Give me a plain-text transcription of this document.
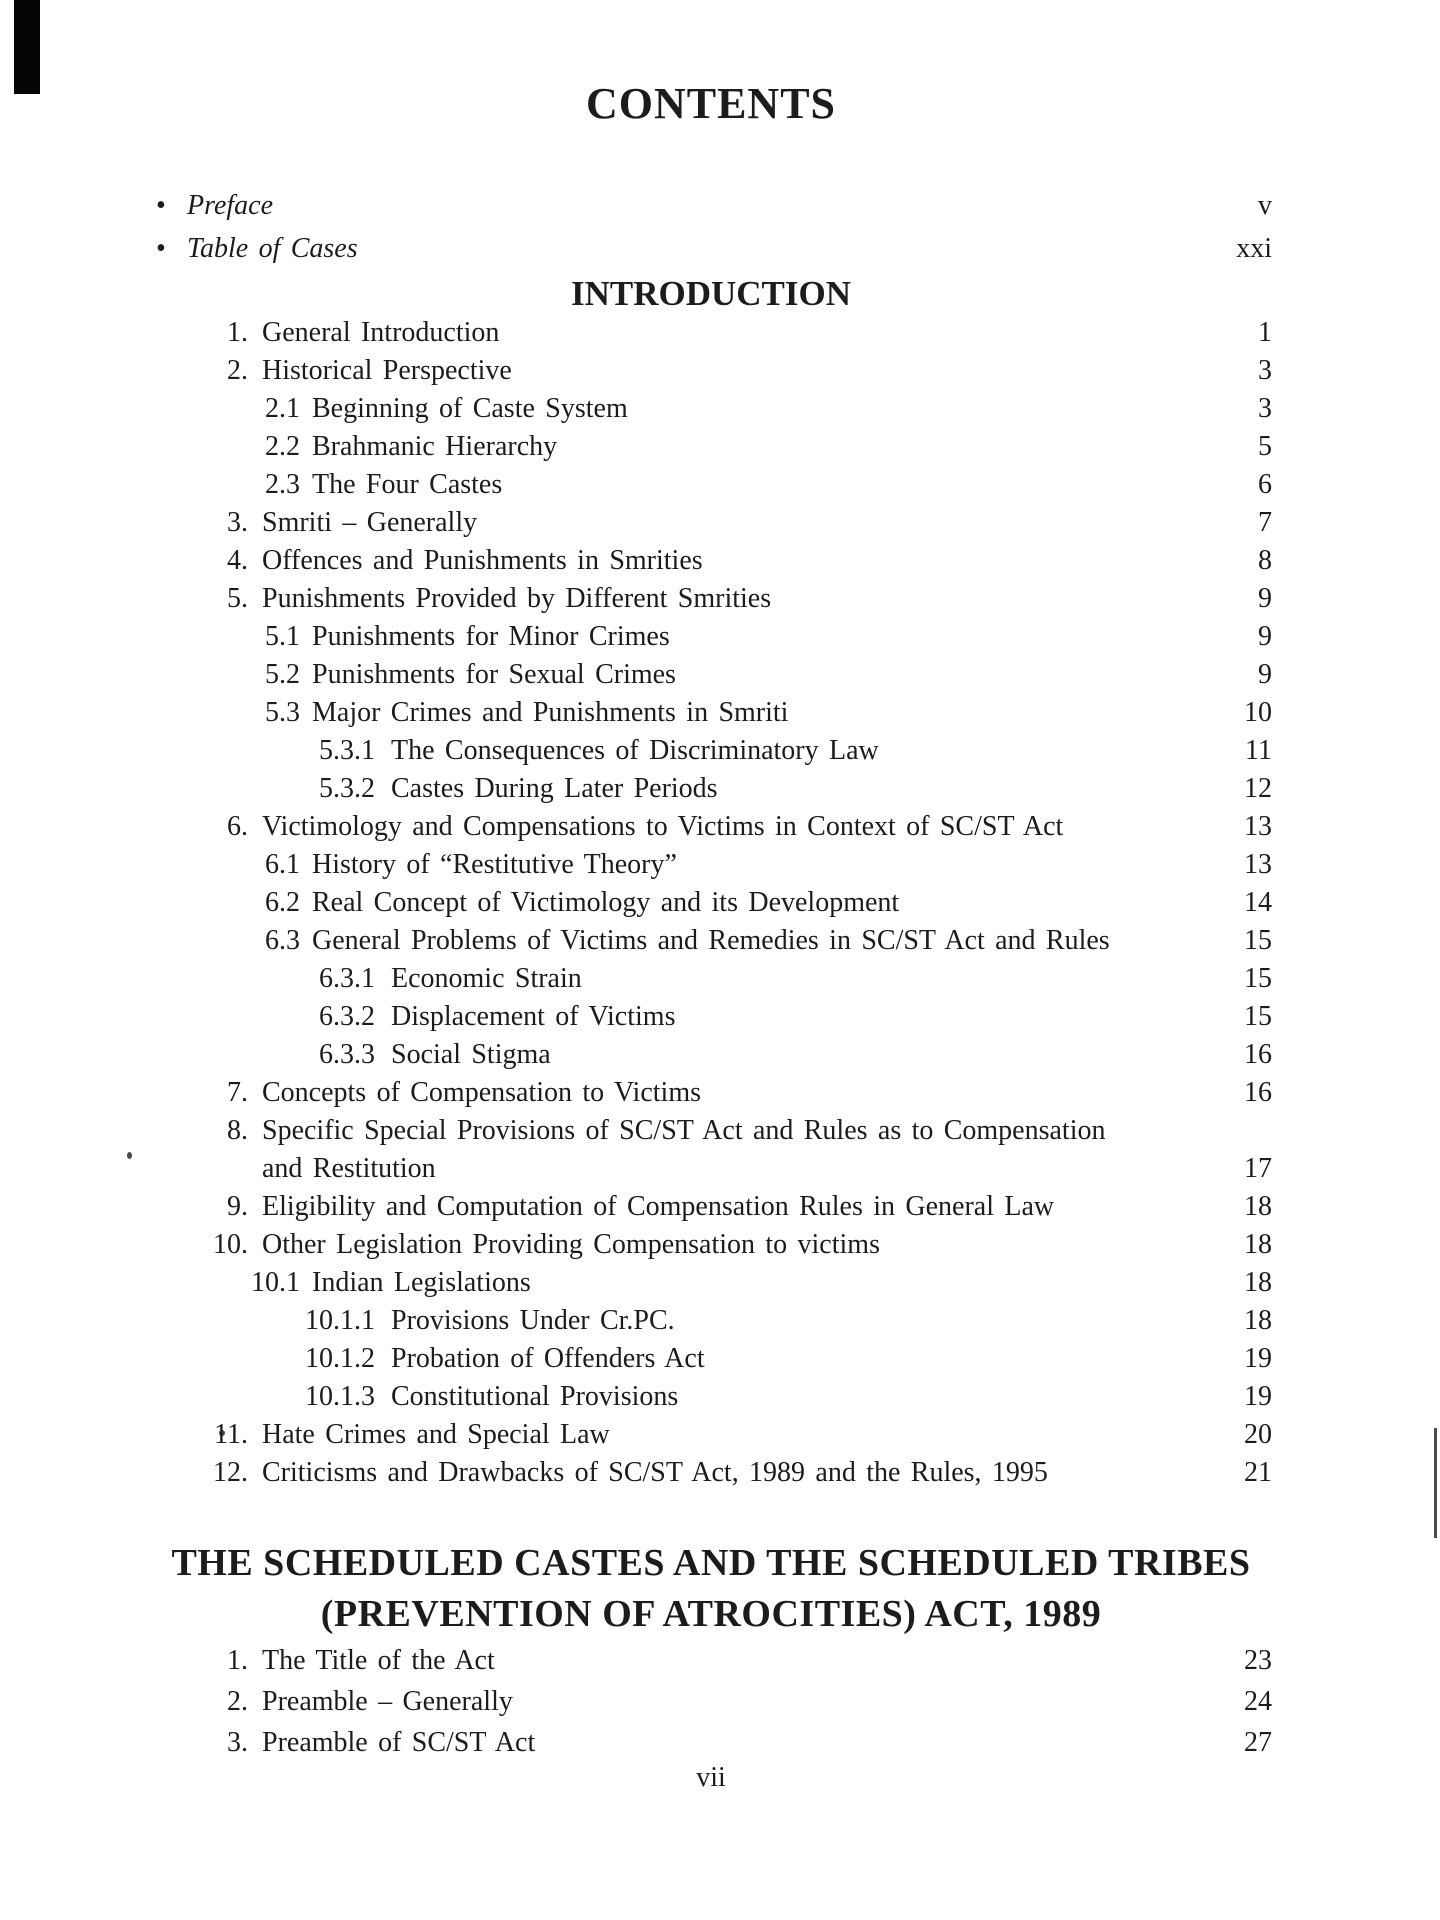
CONTENTS
• Preface	v
• Table of Cases	xxi
INTRODUCTION
1. General Introduction	1
2. Historical Perspective	3
2.1 Beginning of Caste System	3
2.2 Brahmanic Hierarchy	5
2.3 The Four Castes	6
3. Smriti – Generally	7
4. Offences and Punishments in Smrities	8
5. Punishments Provided by Different Smrities	9
5.1 Punishments for Minor Crimes	9
5.2 Punishments for Sexual Crimes	9
5.3 Major Crimes and Punishments in Smriti	10
5.3.1 The Consequences of Discriminatory Law	11
5.3.2 Castes During Later Periods	12
6. Victimology and Compensations to Victims in Context of SC/ST Act	13
6.1 History of “Restitutive Theory”	13
6.2 Real Concept of Victimology and its Development	14
6.3 General Problems of Victims and Remedies in SC/ST Act and Rules	15
6.3.1 Economic Strain	15
6.3.2 Displacement of Victims	15
6.3.3 Social Stigma	16
7. Concepts of Compensation to Victims	16
8. Specific Special Provisions of SC/ST Act and Rules as to Compensation
and Restitution	17
9. Eligibility and Computation of Compensation Rules in General Law	18
10. Other Legislation Providing Compensation to victims	18
10.1 Indian Legislations	18
10.1.1 Provisions Under Cr.PC.	18
10.1.2 Probation of Offenders Act	19
10.1.3 Constitutional Provisions	19
11. Hate Crimes and Special Law	20
12. Criticisms and Drawbacks of SC/ST Act, 1989 and the Rules, 1995	21
THE SCHEDULED CASTES AND THE SCHEDULED TRIBES
(PREVENTION OF ATROCITIES) ACT, 1989
1. The Title of the Act	23
2. Preamble – Generally	24
3. Preamble of SC/ST Act	27
vii
